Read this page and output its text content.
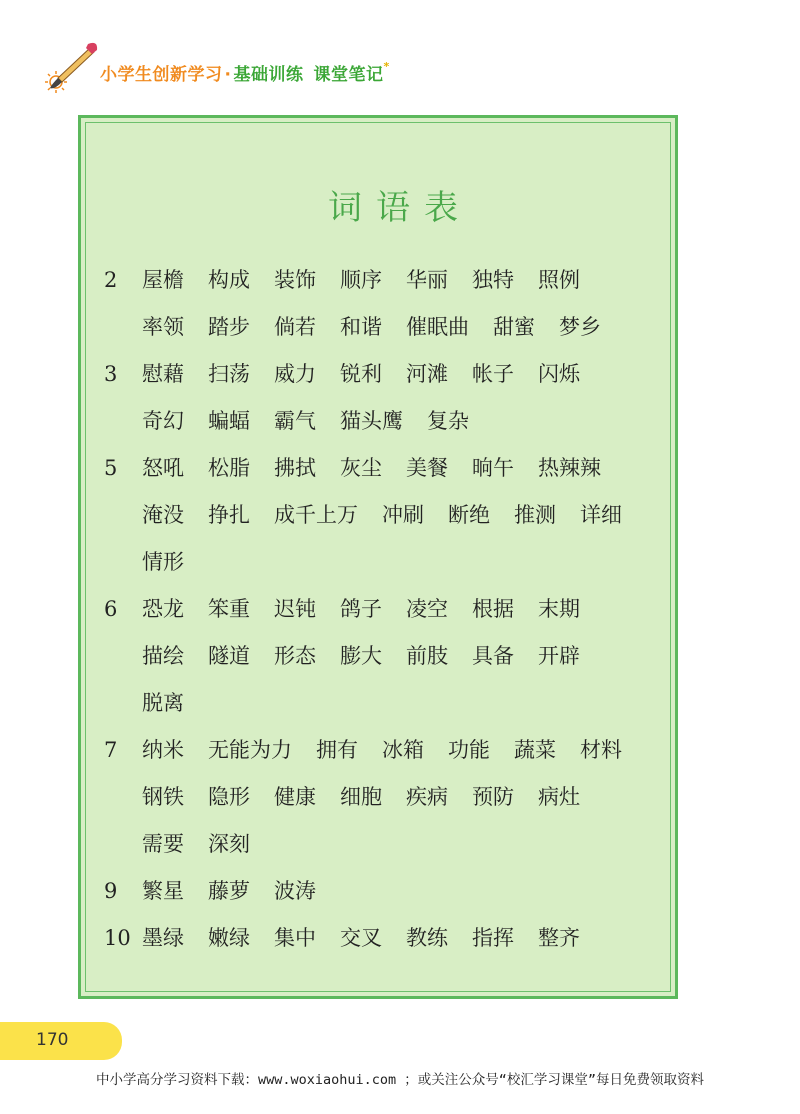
小学生创新学习 · 基础训练 课堂笔记*
词语表
2	屋檐 构成 装饰 顺序 华丽 独特 照例
率领 踏步 倘若 和谐 催眠曲 甜蜜 梦乡
3	慰藉 扫荡 威力 锐利 河滩 帐子 闪烁
奇幻 蝙蝠 霸气 猫头鹰 复杂
5	怒吼 松脂 拂拭 灰尘 美餐 晌午 热辣辣
淹没 挣扎 成千上万 冲刷 断绝 推测 详细
情形
6	恐龙 笨重 迟钝 鸽子 凌空 根据 末期
描绘 隧道 形态 膨大 前肢 具备 开辟
脱离
7	纳米 无能为力 拥有 冰箱 功能 蔬菜 材料
钢铁 隐形 健康 细胞 疾病 预防 病灶
需要 深刻
9	繁星 藤萝 波涛
10 墨绿 嫩绿 集中 交叉 教练 指挥 整齐
170
中小学高分学习资料下载：www.woxiaohui.com ；或关注公众号“校汇学习课堂”每日免费领取资料
